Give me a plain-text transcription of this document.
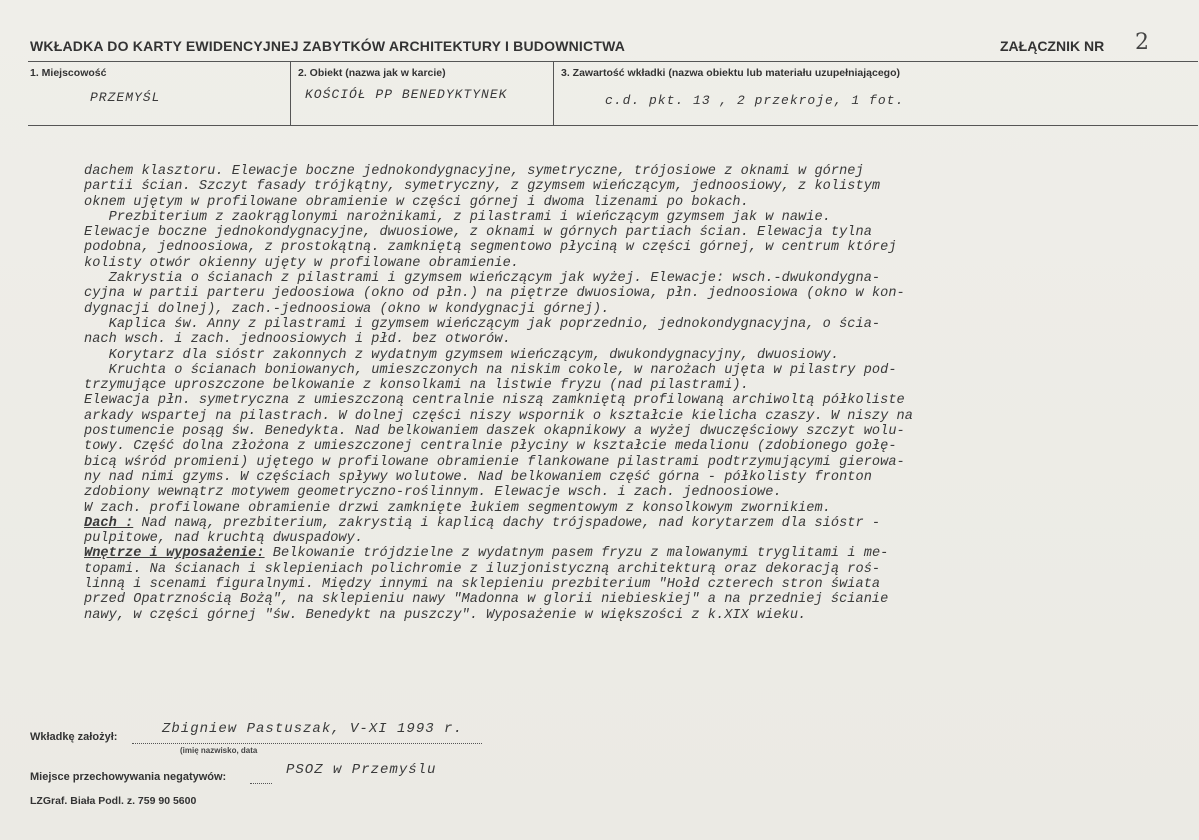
WKŁADKA DO KARTY EWIDENCYJNEJ ZABYTKÓW ARCHITEKTURY I BUDOWNICTWA	ZAŁĄCZNIK NR 2
1. Miejscowość
PRZEMYŚL
2. Obiekt (nazwa jak w karcie)
KOŚCIÓŁ PP BENEDYKTYNEK
3. Zawartość wkładki (nazwa obiektu lub materiału uzupełniającego)
c.d. pkt. 13 , 2 przekroje, 1 fot.
dachem klasztoru. Elewacje boczne jednokondygnacyjne, symetryczne, trójosiowe z oknami w górnej
partii ścian. Szczyt fasady trójkątny, symetryczny, z gzymsem wieńczącym, jednoosiowy, z kolistym
oknem ujętym w profilowane obramienie w części górnej i dwoma lizenami po bokach.
Prezbiterium z zaokrąglonymi narożnikami, z pilastrami i wieńczącym gzymsem jak w nawie.
Elewacje boczne jednokondygnacyjne, dwuosiowe, z oknami w górnych partiach ścian. Elewacja tylna
podobna, jednoosiowa, z prostokątną. zamkniętą segmentowo płyciną w części górnej, w centrum której
kolisty otwór okienny ujęty w profilowane obramienie.
Zakrystia o ścianach z pilastrami i gzymsem wieńczącym jak wyżej. Elewacje: wsch.-dwukondygna-
cyjna w partii parteru jedoosiowa (okno od płn.) na piętrze dwuosiowa, płn. jednoosiowa (okno w kon-
dygnacji dolnej), zach.-jednoosiowa (okno w kondygnacji górnej).
Kaplica św. Anny z pilastrami i gzymsem wieńczącym jak poprzednio, jednokondygnacyjna, o ścia-
nach wsch. i zach. jednoosiowych i płd. bez otworów.
Korytarz dla sióstr zakonnych z wydatnym gzymsem wieńczącym, dwukondygnacyjny, dwuosiowy.
Kruchta o ścianach boniowanych, umieszczonych na niskim cokole, w narożach ujęta w pilastry pod-
trzymujące uproszczone belkowanie z konsolkami na listwie fryzu (nad pilastrami).
Elewacja płn. symetryczna z umieszczoną centralnie niszą zamkniętą profilowaną archiwoltą półkoliste
arkady wspartej na pilastrach. W dolnej części niszy wspornik o kształcie kielicha czaszy. W niszy na
postumencie posąg św. Benedykta. Nad belkowaniem daszek okapnikowy a wyżej dwuczęściowy szczyt wolu-
towy. Część dolna złożona z umieszczonej centralnie płyciny w kształcie medalionu (zdobionego gołę-
bicą wśród promieni) ujętego w profilowane obramienie flankowane pilastrami podtrzymującymi gierowa-
ny nad nimi gzyms. W częściach spływy wolutowe. Nad belkowaniem część górna - półkolisty fronton
zdobiony wewnątrz motywem geometryczno-roślinnym. Elewacje wsch. i zach. jednoosiowe.
W zach. profilowane obramienie drzwi zamknięte łukiem segmentowym z konsolkowym zwornikiem.
Dach : Nad nawą, prezbiterium, zakrystią i kaplicą dachy trójspadowe, nad korytarzem dla sióstr -
pulpitowe, nad kruchtą dwuspadowy.
Wnętrze i wyposażenie: Belkowanie trójdzielne z wydatnym pasem fryzu z malowanymi tryglitami i me-
topami. Na ścianach i sklepieniach polichromie z iluzjonistyczną architekturą oraz dekoracją roś-
linną i scenami figuralnymi. Między innymi na sklepieniu prezbiterium "Hołd czterech stron świata
przed Opatrznością Bożą", na sklepieniu nawy "Madonna w glorii niebieskiej" a na przedniej ścianie
nawy, w części górnej "św. Benedykt na puszczy". Wyposażenie w większości z k.XIX wieku.
Wkładkę założył:	Zbigniew Pastuszak, V-XI 1993 r.
(imię nazwisko, data
Miejsce przechowywania negatywów:	PSOZ w Przemyślu
LZGraf. Biała Podl. z. 759 90 5600
